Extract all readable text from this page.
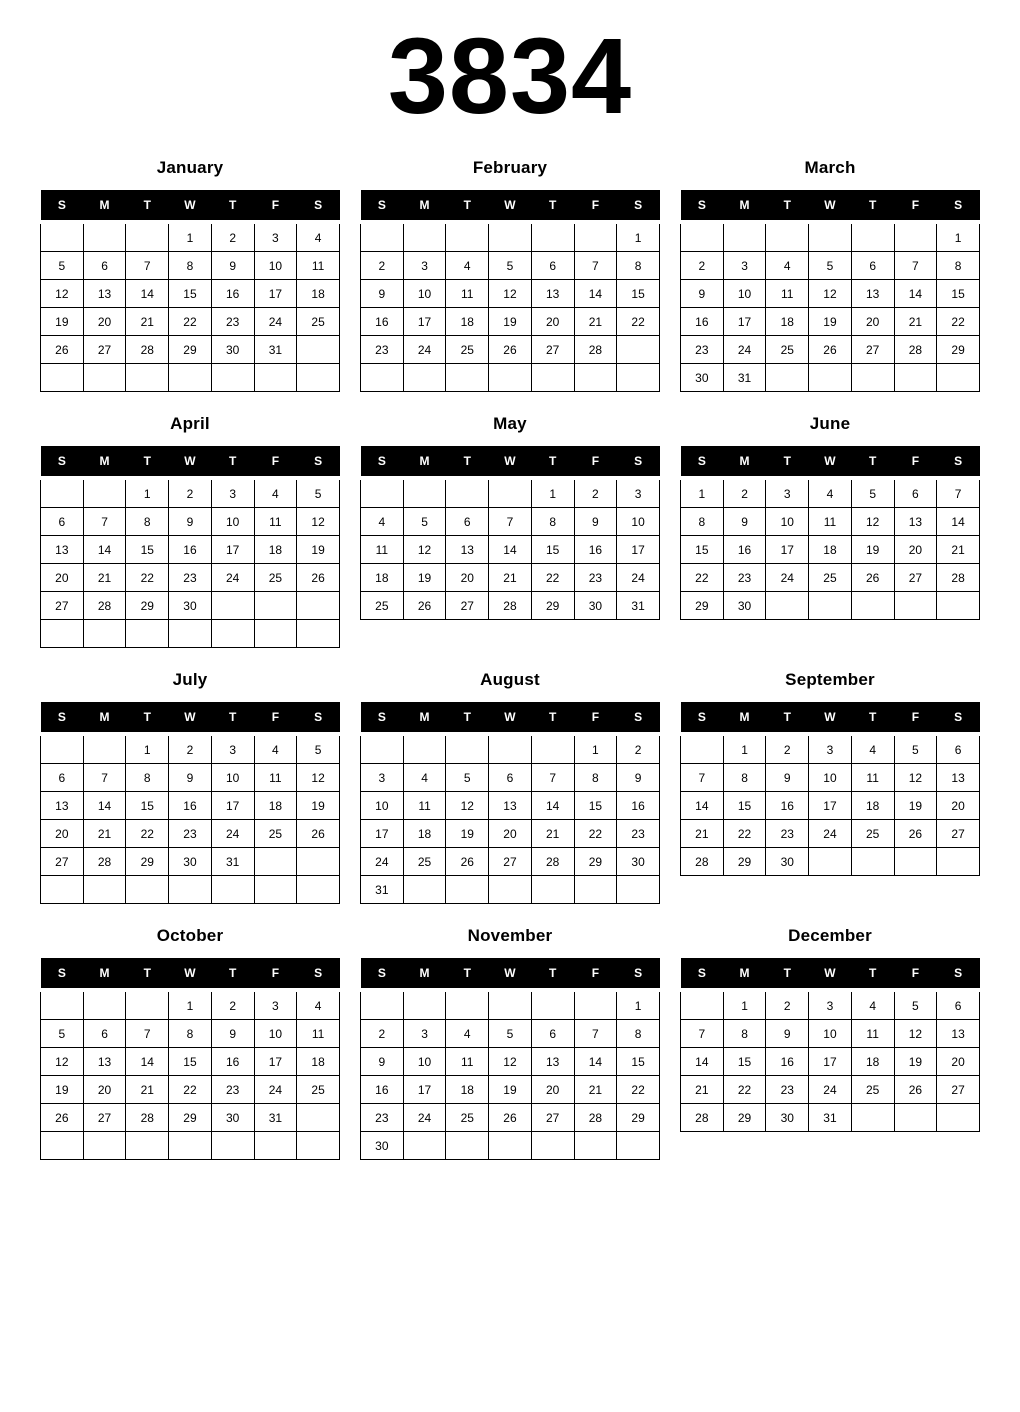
3834
January
S	M	T	W	T	F	S
			1	2	3	4
5	6	7	8	9	10	11
12	13	14	15	16	17	18
19	20	21	22	23	24	25
26	27	28	29	30	31	

February
S	M	T	W	T	F	S
						1
2	3	4	5	6	7	8
9	10	11	12	13	14	15
16	17	18	19	20	21	22
23	24	25	26	27	28	

March
S	M	T	W	T	F	S
						1
2	3	4	5	6	7	8
9	10	11	12	13	14	15
16	17	18	19	20	21	22
23	24	25	26	27	28	29
30	31					
April
S	M	T	W	T	F	S
		1	2	3	4	5
6	7	8	9	10	11	12
13	14	15	16	17	18	19
20	21	22	23	24	25	26
27	28	29	30			

May
S	M	T	W	T	F	S
				1	2	3
4	5	6	7	8	9	10
11	12	13	14	15	16	17
18	19	20	21	22	23	24
25	26	27	28	29	30	31
June
S	M	T	W	T	F	S
1	2	3	4	5	6	7
8	9	10	11	12	13	14
15	16	17	18	19	20	21
22	23	24	25	26	27	28
29	30					
July
S	M	T	W	T	F	S
		1	2	3	4	5
6	7	8	9	10	11	12
13	14	15	16	17	18	19
20	21	22	23	24	25	26
27	28	29	30	31		

August
S	M	T	W	T	F	S
					1	2
3	4	5	6	7	8	9
10	11	12	13	14	15	16
17	18	19	20	21	22	23
24	25	26	27	28	29	30
31						
September
S	M	T	W	T	F	S
	1	2	3	4	5	6
7	8	9	10	11	12	13
14	15	16	17	18	19	20
21	22	23	24	25	26	27
28	29	30				
October
S	M	T	W	T	F	S
			1	2	3	4
5	6	7	8	9	10	11
12	13	14	15	16	17	18
19	20	21	22	23	24	25
26	27	28	29	30	31	

November
S	M	T	W	T	F	S
						1
2	3	4	5	6	7	8
9	10	11	12	13	14	15
16	17	18	19	20	21	22
23	24	25	26	27	28	29
30						
December
S	M	T	W	T	F	S
	1	2	3	4	5	6
7	8	9	10	11	12	13
14	15	16	17	18	19	20
21	22	23	24	25	26	27
28	29	30	31			
